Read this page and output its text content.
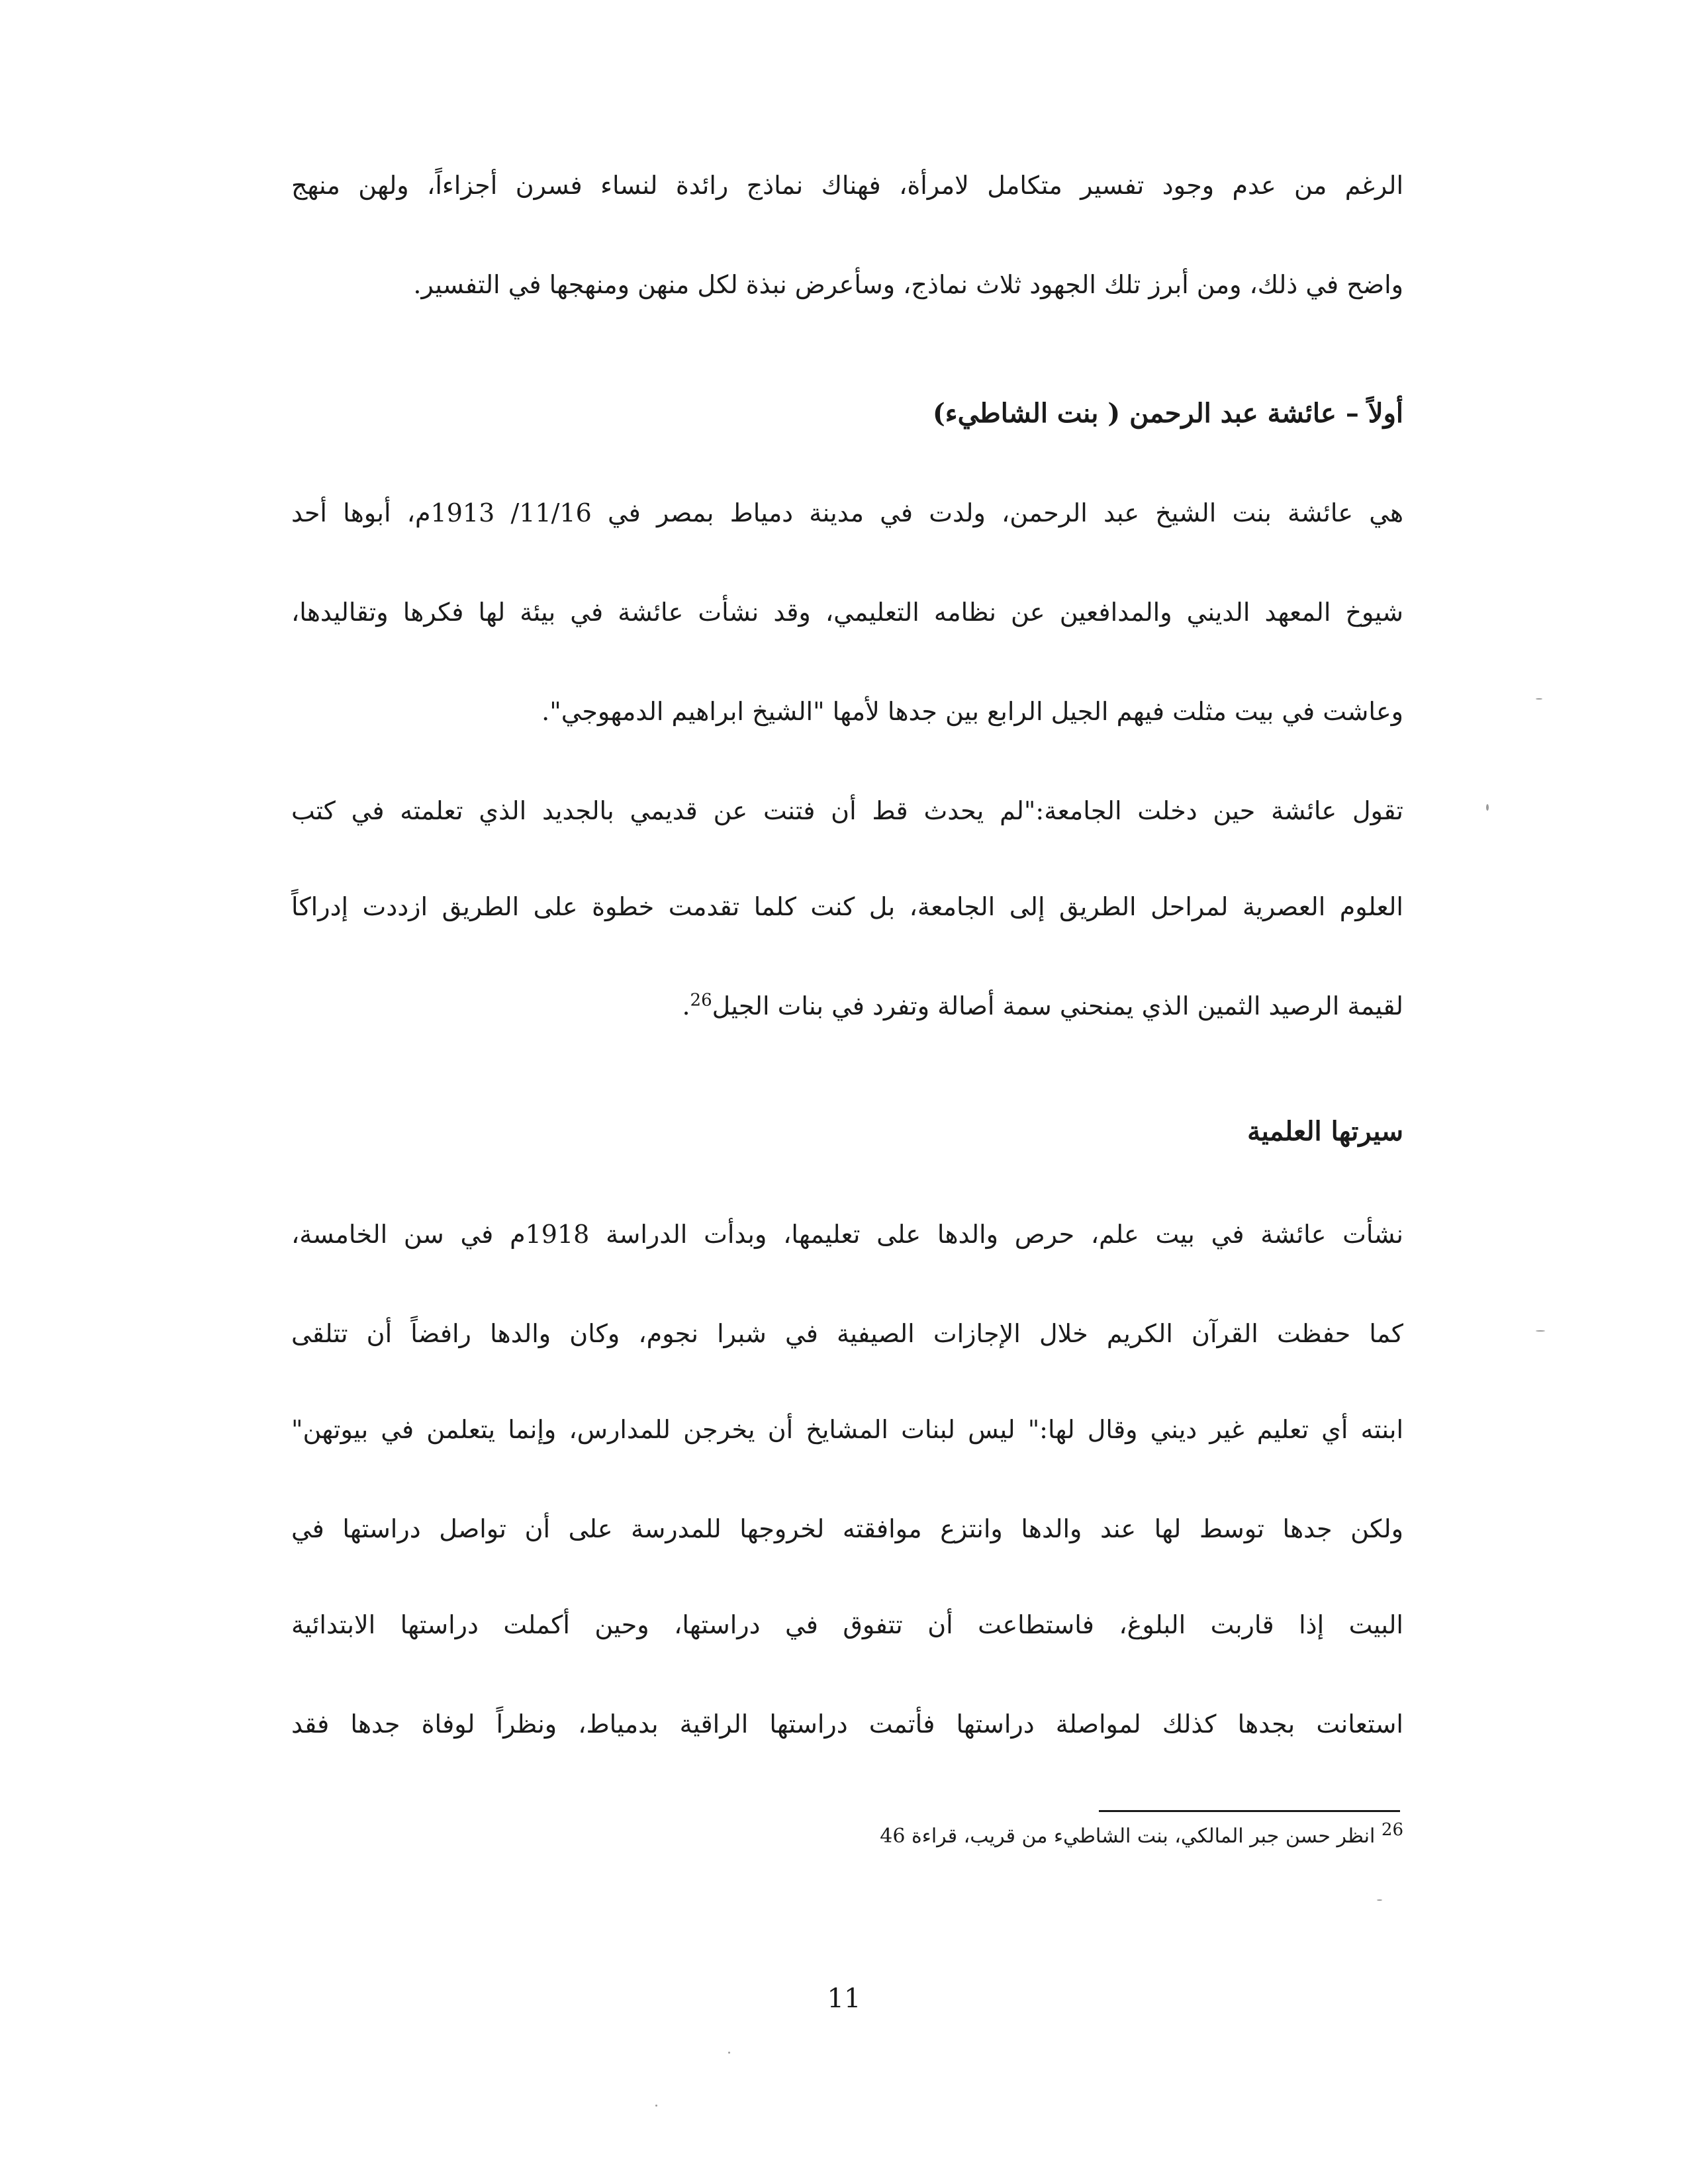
الرغم من عدم وجود تفسير متكامل لامرأة، فهناك نماذج رائدة لنساء فسرن أجزاءاً، ولهن منهج
واضح في ذلك، ومن أبرز تلك الجهود ثلاث نماذج، وسأعرض نبذة لكل منهن ومنهجها في التفسير.
أولاً – عائشة عبد الرحمن ( بنت الشاطيء)
هي عائشة بنت الشيخ عبد الرحمن، ولدت في مدينة دمياط بمصر في 11/16/ 1913م، أبوها أحد
شيوخ المعهد الديني والمدافعين عن نظامه التعليمي، وقد نشأت عائشة في بيئة لها فكرها وتقاليدها،
وعاشت في بيت مثلت فيهم الجيل الرابع بين جدها لأمها "الشيخ ابراهيم الدمهوجي".
تقول عائشة حين دخلت الجامعة:"لم يحدث قط أن فتنت عن قديمي بالجديد الذي تعلمته في كتب
العلوم العصرية لمراحل الطريق إلى الجامعة، بل كنت كلما تقدمت خطوة على الطريق ازددت إدراكاً
لقيمة الرصيد الثمين الذي يمنحني سمة أصالة وتفرد في بنات الجيل$^{26}$.
سيرتها العلمية
نشأت عائشة في بيت علم، حرص والدها على تعليمها، وبدأت الدراسة 1918م في سن الخامسة،
كما حفظت القرآن الكريم خلال الإجازات الصيفية في شبرا نجوم، وكان والدها رافضاً أن تتلقى
ابنته أي تعليم غير ديني وقال لها:" ليس لبنات المشايخ أن يخرجن للمدارس، وإنما يتعلمن في بيوتهن"
ولكن جدها توسط لها عند والدها وانتزع موافقته لخروجها للمدرسة على أن تواصل دراستها في
البيت إذا قاربت البلوغ، فاستطاعت أن تتفوق في دراستها، وحين أكملت دراستها الابتدائية
استعانت بجدها كذلك لمواصلة دراستها فأتمت دراستها الراقية بدمياط، ونظراً لوفاة جدها فقد
$^{26}$ انظر حسن جبر المالكي، بنت الشاطيء من قريب، قراءة 46
11
